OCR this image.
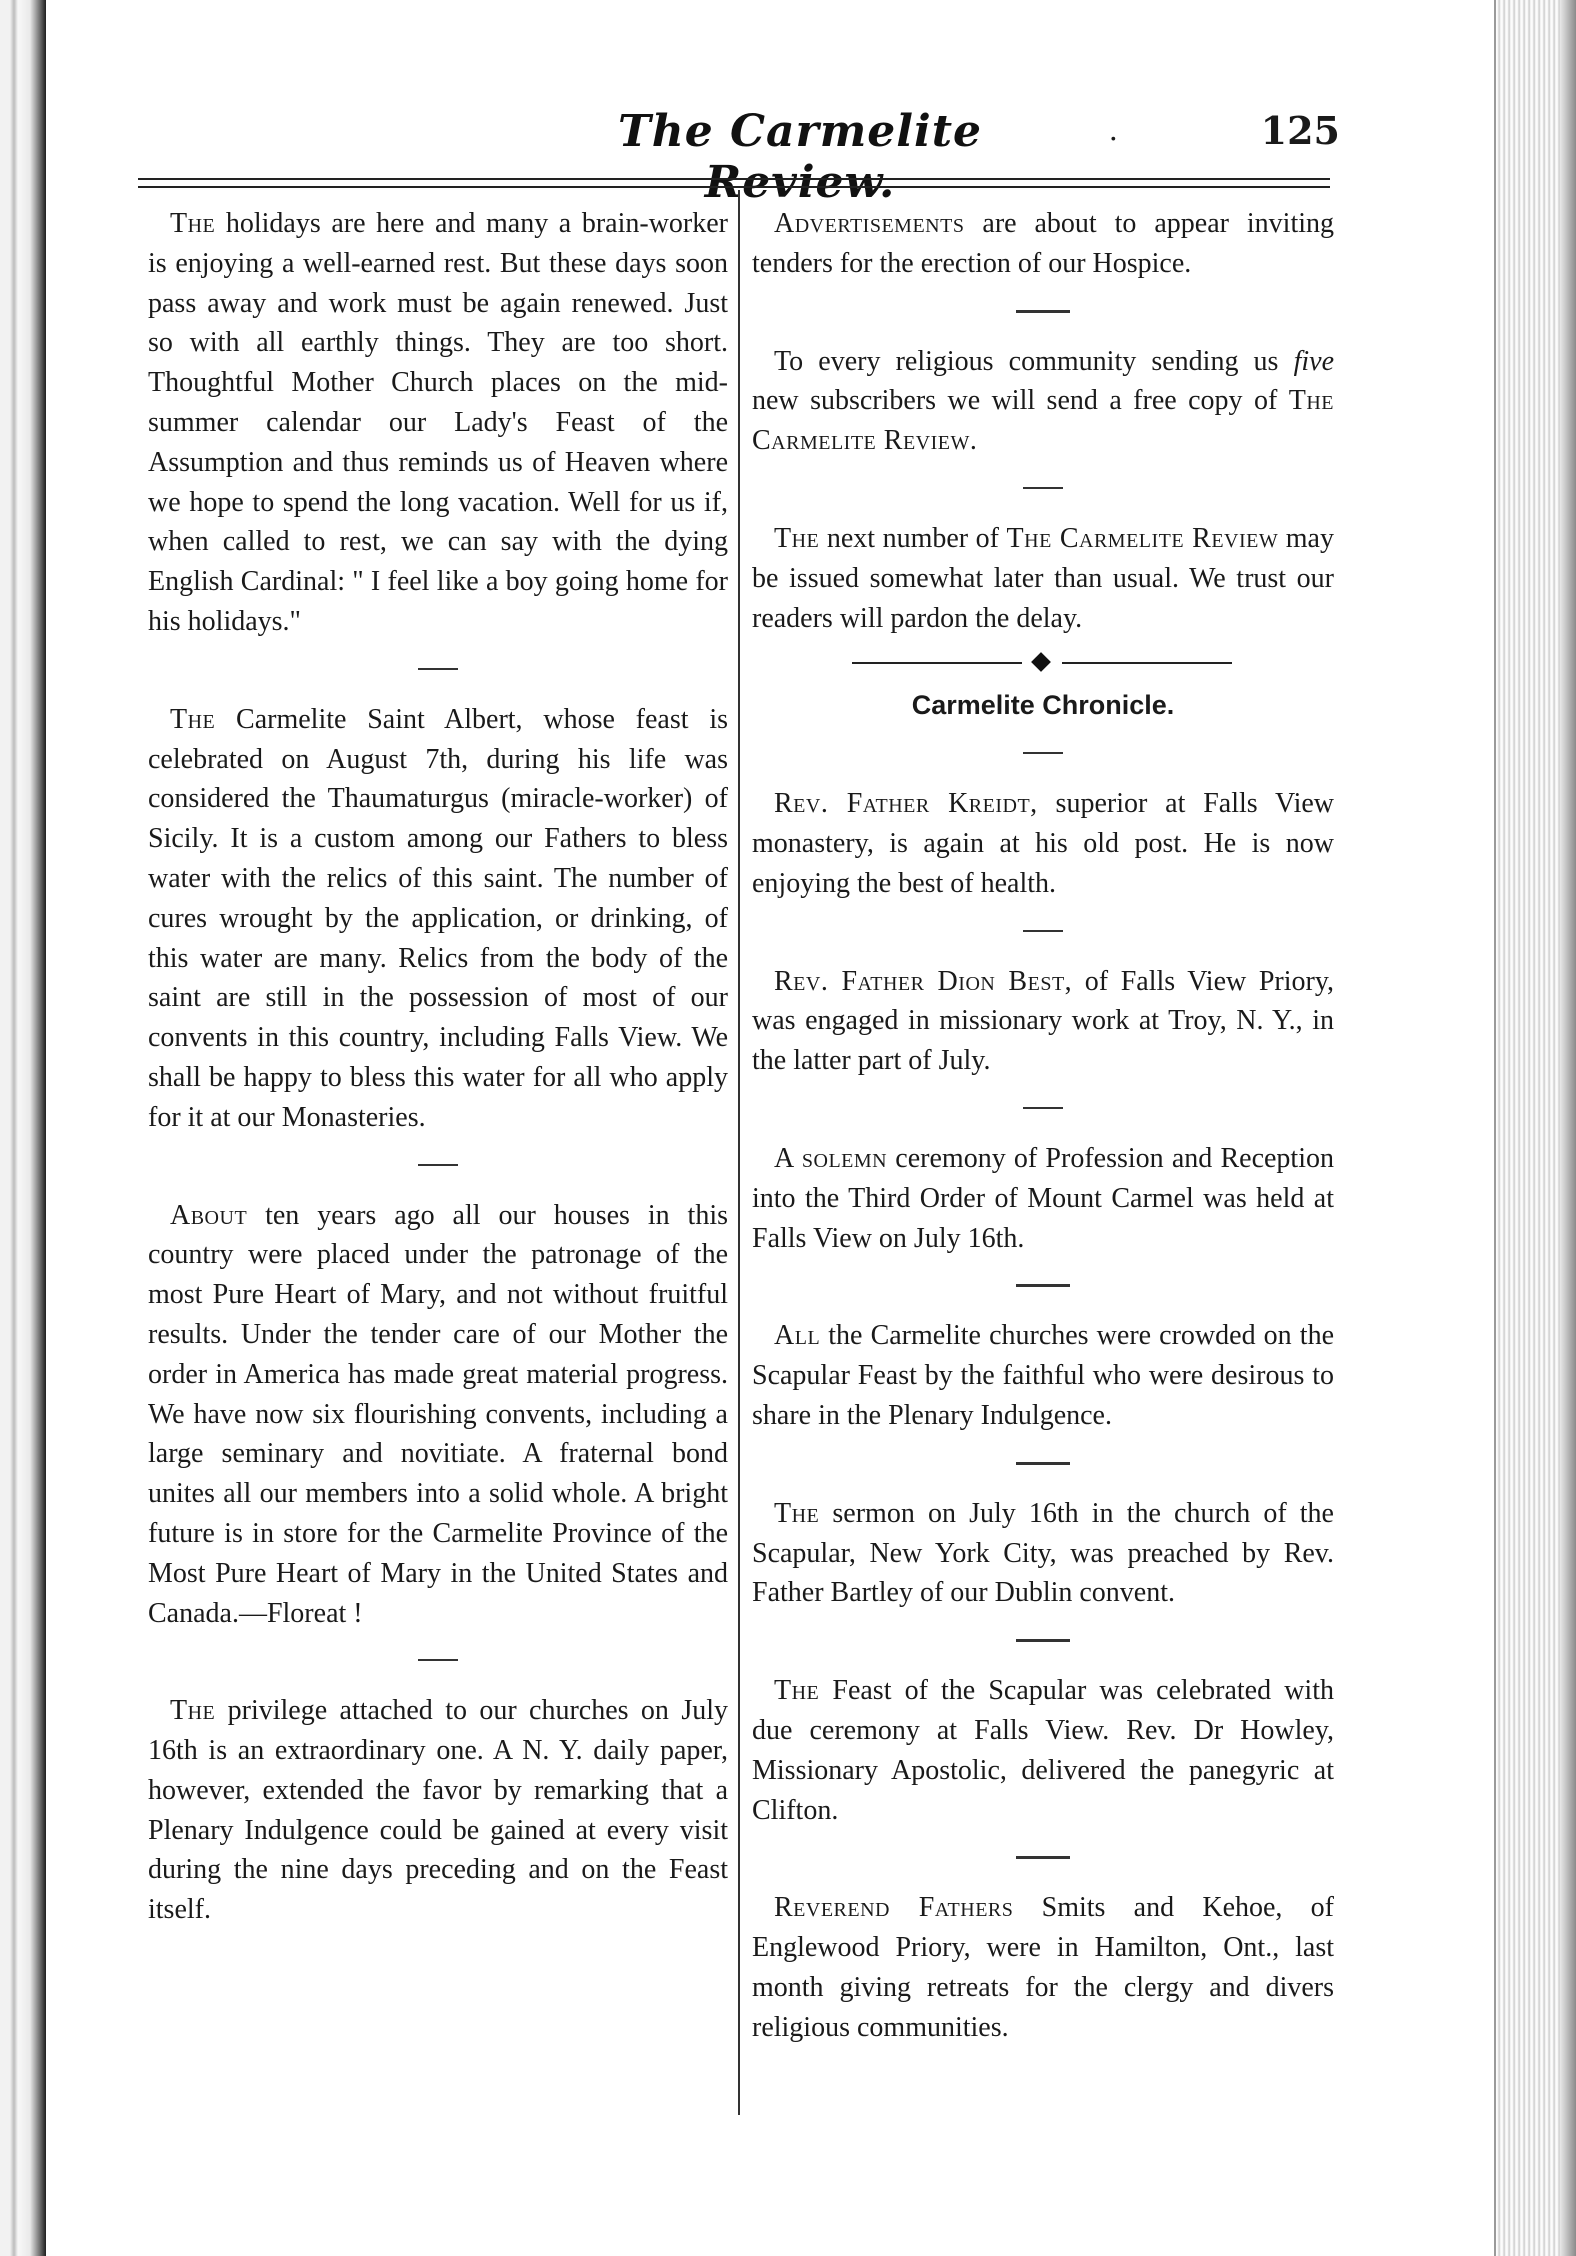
The Carmelite Review.
·	125

The holidays are here and many a brain-worker is enjoying a well-earned rest. But these days soon pass away and work must be again renewed. Just so with all earthly things. They are too short. Thoughtful Mother Church places on the mid-summer calendar our Lady's Feast of the Assumption and thus reminds us of Heaven where we hope to spend the long vacation. Well for us if, when called to rest, we can say with the dying English Cardinal: " I feel like a boy going home for his holidays."

The Carmelite Saint Albert, whose feast is celebrated on August 7th, during his life was considered the Thaumaturgus (miracle-worker) of Sicily. It is a custom among our Fathers to bless water with the relics of this saint. The number of cures wrought by the application, or drinking, of this water are many. Relics from the body of the saint are still in the possession of most of our convents in this country, including Falls View. We shall be happy to bless this water for all who apply for it at our Monasteries.

About ten years ago all our houses in this country were placed under the patronage of the most Pure Heart of Mary, and not without fruitful results. Under the tender care of our Mother the order in America has made great material progress. We have now six flourishing convents, including a large seminary and novitiate. A fraternal bond unites all our members into a solid whole. A bright future is in store for the Carmelite Province of the Most Pure Heart of Mary in the United States and Canada.—Floreat !

The privilege attached to our churches on July 16th is an extraordinary one. A N. Y. daily paper, however, extended the favor by remarking that a Plenary Indulgence could be gained at every visit during the nine days preceding and on the Feast itself.

Advertisements are about to appear inviting tenders for the erection of our Hospice.

To every religious community sending us five new subscribers we will send a free copy of The Carmelite Review.

The next number of The Carmelite Review may be issued somewhat later than usual. We trust our readers will pardon the delay.

Carmelite Chronicle.

Rev. Father Kreidt, superior at Falls View monastery, is again at his old post. He is now enjoying the best of health.

Rev. Father Dion Best, of Falls View Priory, was engaged in missionary work at Troy, N. Y., in the latter part of July.

A solemn ceremony of Profession and Reception into the Third Order of Mount Carmel was held at Falls View on July 16th.

All the Carmelite churches were crowded on the Scapular Feast by the faithful who were desirous to share in the Plenary Indulgence.

The sermon on July 16th in the church of the Scapular, New York City, was preached by Rev. Father Bartley of our Dublin convent.

The Feast of the Scapular was celebrated with due ceremony at Falls View. Rev. Dr Howley, Missionary Apostolic, delivered the panegyric at Clifton.

Reverend Fathers Smits and Kehoe, of Englewood Priory, were in Hamilton, Ont., last month giving retreats for the clergy and divers religious communities.
